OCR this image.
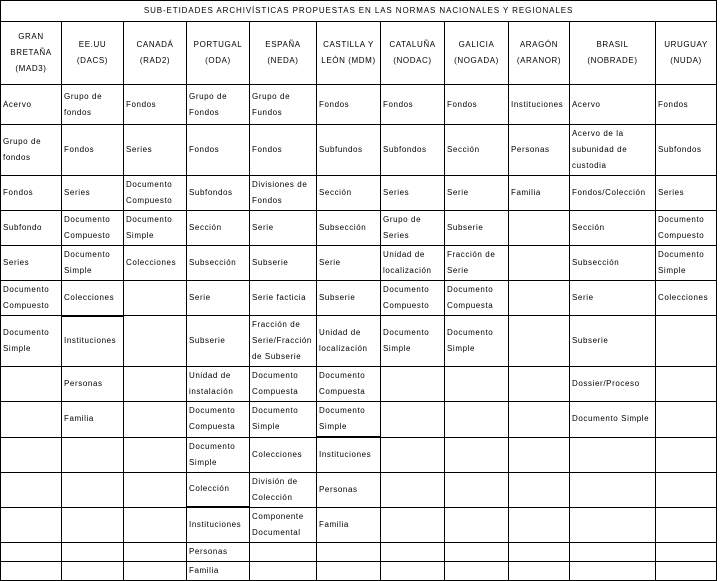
SUB-ETIDADES ARCHIVÍSTICAS PROPUESTAS EN LAS NORMAS NACIONALES Y REGIONALES										
GRAN BRETAÑA (MAD3)	EE.UU (DACS)	CANADÁ (RAD2)	PORTUGAL (ODA)	ESPAÑA (NEDA)	CASTILLA Y LEÓN (MDM)	CATALUÑA (NODAC)	GALICIA (NOGADA)	ARAGÓN (ARANOR)	BRASIL (NOBRADE)	URUGUAY (NUDA)
Acervo	Grupo de fondos	Fondos	Grupo de Fondos	Grupo de Fundos	Fondos	Fondos	Fondos	Instituciones	Acervo	Fondos
Grupo de fondos	Fondos	Series	Fondos	Fondos	Subfundos	Subfondos	Sección	Personas	Acervo de la subunidad de custodia	Subfondos
Fondos	Series	Documento Compuesto	Subfondos	Divisiones de Fondos	Sección	Series	Serie	Familia	Fondos/Colección	Series
Subfondo	Documento Compuesto	Documento Simple	Sección	Serie	Subsección	Grupo de Series	Subserie		Sección	Documento Compuesto
Series	Documento Simple	Colecciones	Subsección	Subserie	Serie	Unidad de localización	Fracción de Serie		Subsección	Documento Simple
Documento Compuesto	Colecciones		Serie	Serie facticia	Subserie	Documento Compuesto	Documento Compuesta		Serie	Colecciones
Documento Simple	Instituciones		Subserie	Fracción de Serie/Fracción de Subserie	Unidad de localización	Documento Simple	Documento Simple		Subserie	
	Personas		Unidad de instalación	Documento Compuesta	Documento Compuesta				Dossier/Proceso	
	Familia		Documento Compuesta	Documento Simple	Documento Simple				Documento Simple	
			Documento Simple	Colecciones	Instituciones					
			Colección	División de Colección	Personas					
			Instituciones	Componente Documental	Familia					
			Personas							
			Familia							
